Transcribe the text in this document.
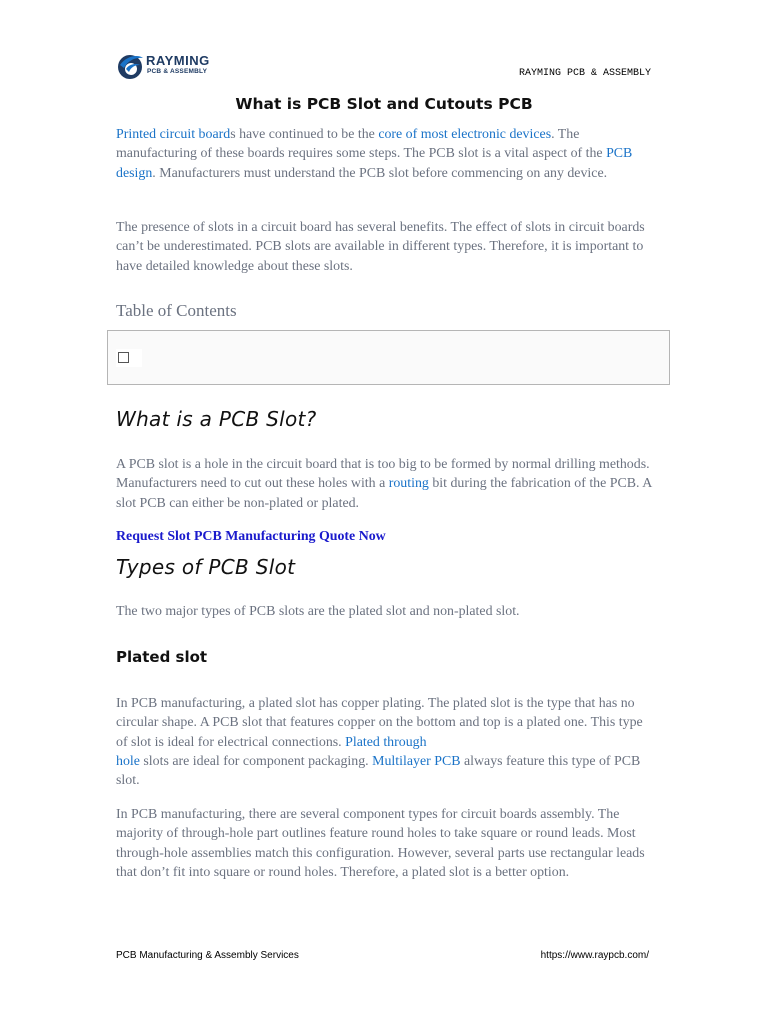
RAYMING
PCB & ASSEMBLY	RAYMING PCB & ASSEMBLY
What is PCB Slot and Cutouts PCB

Printed circuit boards have continued to be the core of most electronic devices. The manufacturing of these boards requires some steps. The PCB slot is a vital aspect of the PCB design. Manufacturers must understand the PCB slot before commencing on any device.

The presence of slots in a circuit board has several benefits. The effect of slots in circuit boards can’t be underestimated. PCB slots are available in different types. Therefore, it is important to have detailed knowledge about these slots.

Table of Contents
What is a PCB Slot?

A PCB slot is a hole in the circuit board that is too big to be formed by normal drilling methods. Manufacturers need to cut out these holes with a routing bit during the fabrication of the PCB. A slot PCB can either be non-plated or plated.

Request Slot PCB Manufacturing Quote Now
Types of PCB Slot

The two major types of PCB slots are the plated slot and non-plated slot.

Plated slot

In PCB manufacturing, a plated slot has copper plating. The plated slot is the type that has no circular shape. A PCB slot that features copper on the bottom and top is a plated one. This type of slot is ideal for electrical connections. Plated through
hole slots are ideal for component packaging. Multilayer PCB always feature this type of PCB slot.

In PCB manufacturing, there are several component types for circuit boards assembly. The majority of through-hole part outlines feature round holes to take square or round leads. Most through-hole assemblies match this configuration. However, several parts use rectangular leads that don’t fit into square or round holes. Therefore, a plated slot is a better option.

PCB Manufacturing & Assembly Services	https://www.raypcb.com/
